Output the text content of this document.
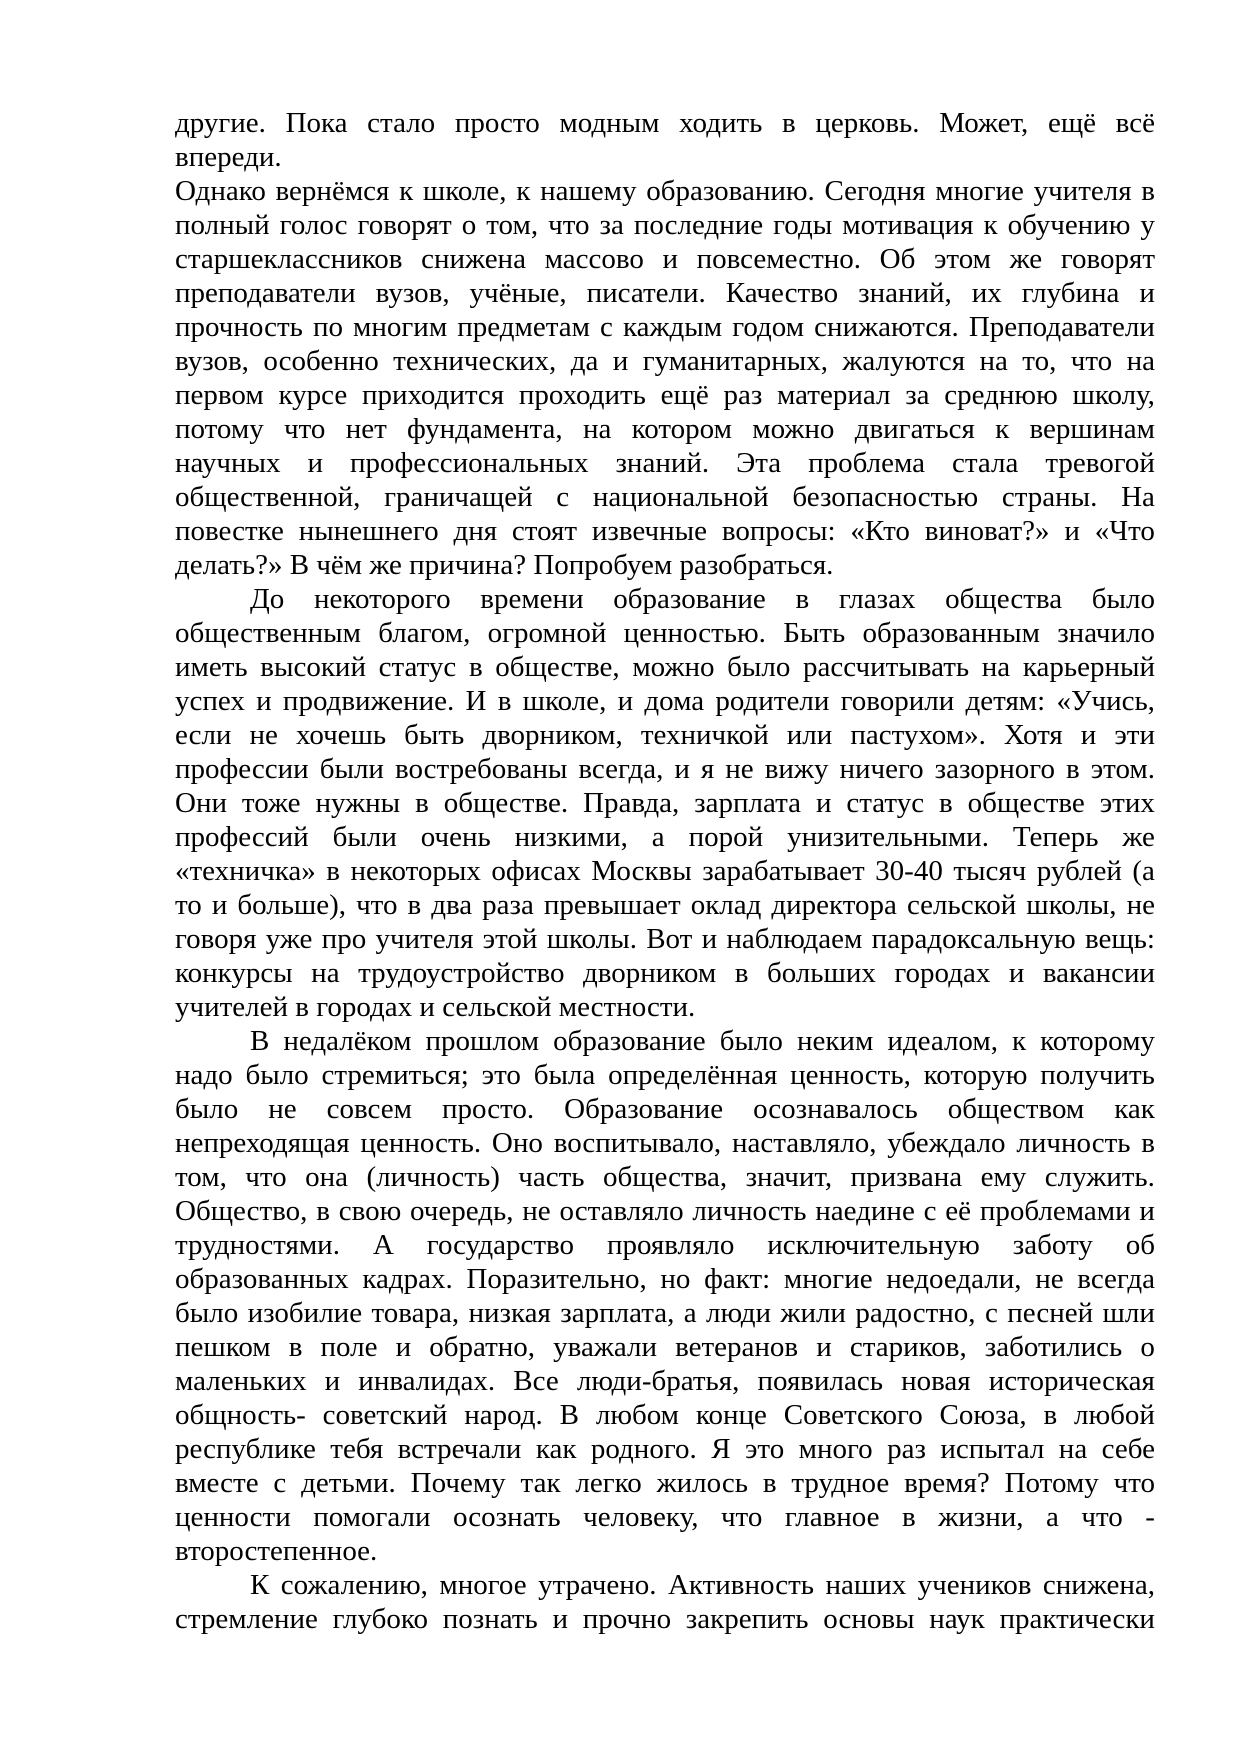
другие. Пока стало просто модным ходить в церковь. Может, ещё всё
впереди.
Однако вернёмся к школе, к нашему образованию. Сегодня многие учителя в
полный голос говорят о том, что за последние годы мотивация к обучению у
старшеклассников снижена массово и повсеместно. Об этом же говорят
преподаватели вузов, учёные, писатели. Качество знаний, их глубина и
прочность по многим предметам с каждым годом снижаются. Преподаватели
вузов, особенно технических, да и гуманитарных, жалуются на то, что на
первом курсе приходится проходить ещё раз материал за среднюю школу,
потому что нет фундамента, на котором можно двигаться к вершинам
научных и профессиональных знаний. Эта проблема стала тревогой
общественной, граничащей с национальной безопасностью страны. На
повестке нынешнего дня стоят извечные вопросы: «Кто виноват?» и «Что
делать?» В чём же причина? Попробуем разобраться.
До некоторого времени образование в глазах общества было
общественным благом, огромной ценностью. Быть образованным значило
иметь высокий статус в обществе, можно было рассчитывать на карьерный
успех и продвижение. И в школе, и дома родители говорили детям: «Учись,
если не хочешь быть дворником, техничкой или пастухом». Хотя и эти
профессии были востребованы всегда, и я не вижу ничего зазорного в этом.
Они тоже нужны в обществе. Правда, зарплата и статус в обществе этих
профессий были очень низкими, а порой унизительными. Теперь же
«техничка» в некоторых офисах Москвы зарабатывает 30-40 тысяч рублей (а
то и больше), что в два раза превышает оклад директора сельской школы, не
говоря уже про учителя этой школы. Вот и наблюдаем парадоксальную вещь:
конкурсы на трудоустройство дворником в больших городах и вакансии
учителей в городах и сельской местности.
В недалёком прошлом образование было неким идеалом, к которому
надо было стремиться; это была определённая ценность, которую получить
было не совсем просто. Образование осознавалось обществом как
непреходящая ценность. Оно воспитывало, наставляло, убеждало личность в
том, что она (личность) часть общества, значит, призвана ему служить.
Общество, в свою очередь, не оставляло личность наедине с её проблемами и
трудностями. А государство проявляло исключительную заботу об
образованных кадрах. Поразительно, но факт: многие недоедали, не всегда
было изобилие товара, низкая зарплата, а люди жили радостно, с песней шли
пешком в поле и обратно, уважали ветеранов и стариков, заботились о
маленьких и инвалидах. Все люди-братья, появилась новая историческая
общность- советский народ. В любом конце Советского Союза, в любой
республике тебя встречали как родного. Я это много раз испытал на себе
вместе с детьми. Почему так легко жилось в трудное время? Потому что
ценности помогали осознать человеку, что главное в жизни, а что -
второстепенное.
К сожалению, многое утрачено. Активность наших учеников снижена,
стремление глубоко познать и прочно закрепить основы наук практически
